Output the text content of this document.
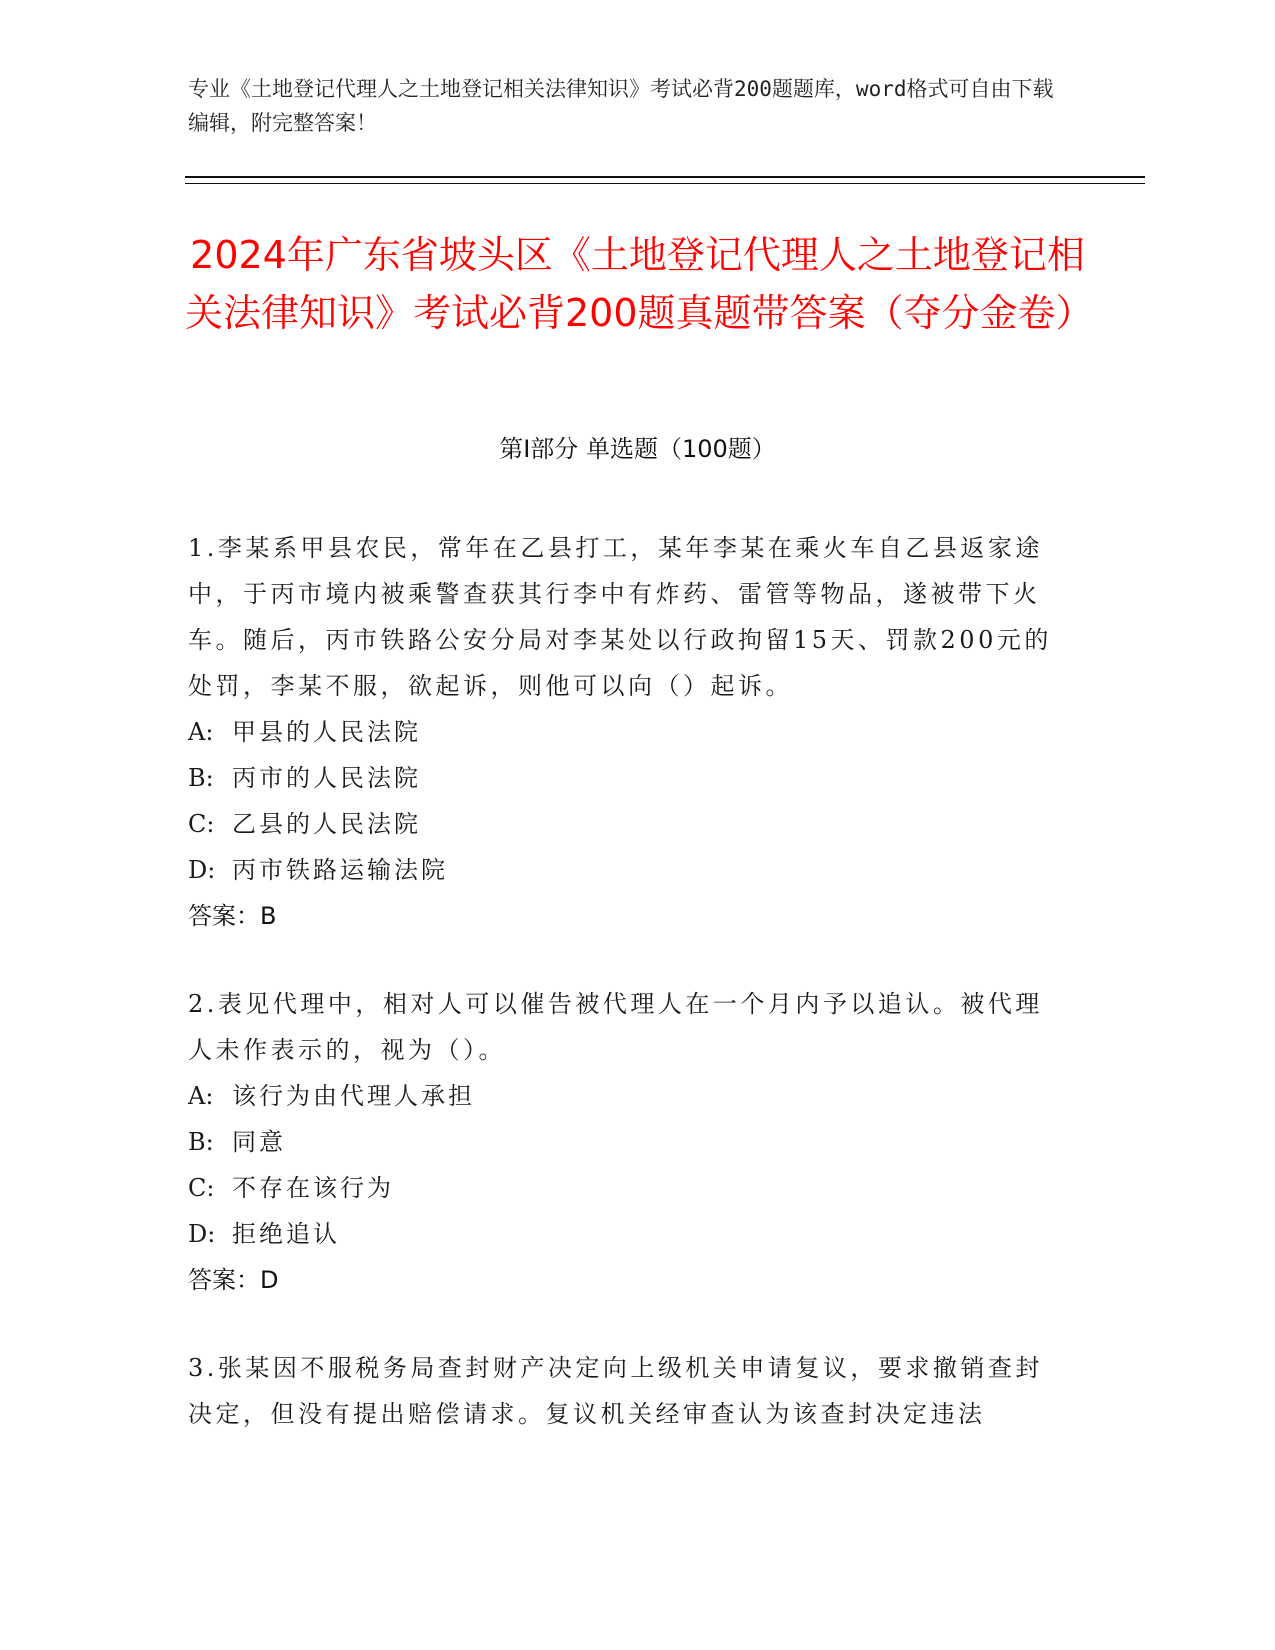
专业《土地登记代理人之土地登记相关法律知识》考试必背200题题库，word格式可自由下载编辑，附完整答案！
2024年广东省坡头区《土地登记代理人之土地登记相关法律知识》考试必背200题真题带答案（夺分金卷）
第I部分 单选题（100题）
1.李某系甲县农民，常年在乙县打工，某年李某在乘火车自乙县返家途中，于丙市境内被乘警查获其行李中有炸药、雷管等物品，遂被带下火车。随后，丙市铁路公安分局对李某处以行政拘留15天、罚款200元的处罚，李某不服，欲起诉，则他可以向（）起诉。
A: 甲县的人民法院
B: 丙市的人民法院
C: 乙县的人民法院
D: 丙市铁路运输法院
答案：B
2.表见代理中，相对人可以催告被代理人在一个月内予以追认。被代理人未作表示的，视为（）。
A: 该行为由代理人承担
B: 同意
C: 不存在该行为
D: 拒绝追认
答案：D
3.张某因不服税务局查封财产决定向上级机关申请复议，要求撤销查封决定，但没有提出赔偿请求。复议机关经审查认为该查封决定违法
